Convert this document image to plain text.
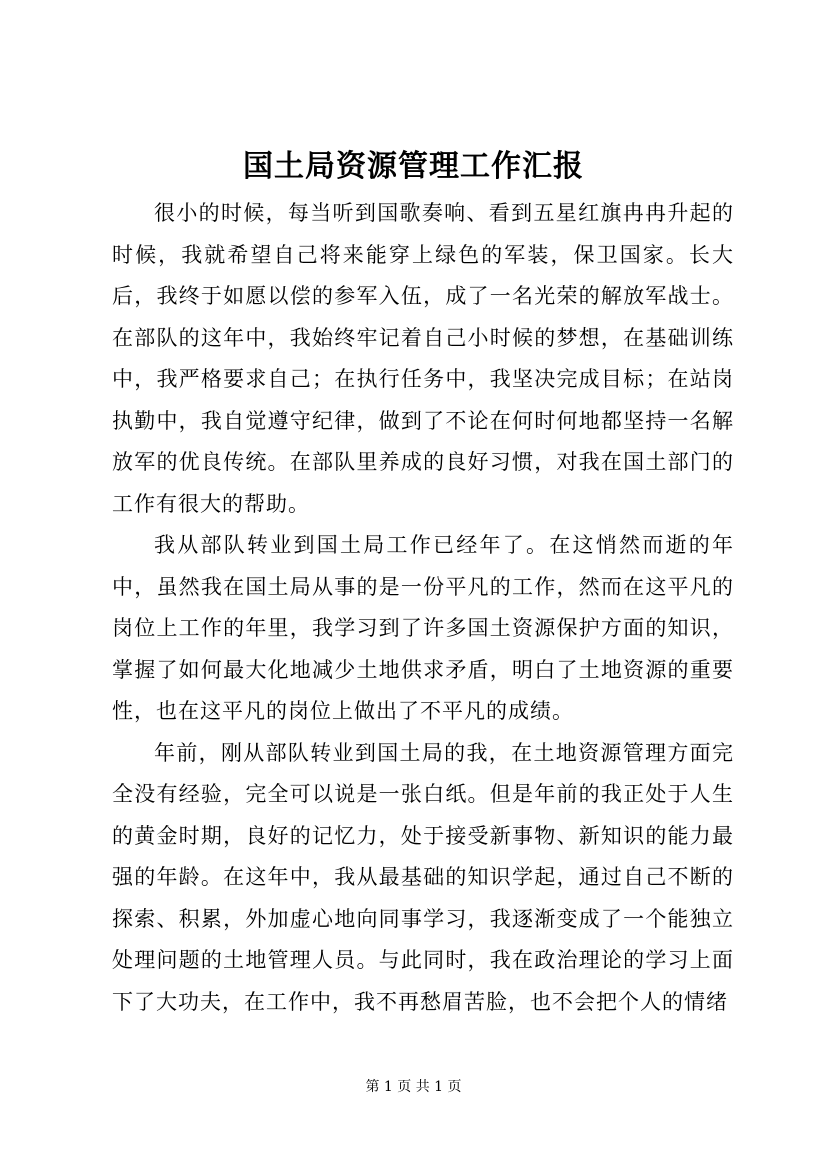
国土局资源管理工作汇报

很小的时候，每当听到国歌奏响、看到五星红旗冉冉升起的时候，我就希望自己将来能穿上绿色的军装，保卫国家。长大后，我终于如愿以偿的参军入伍，成了一名光荣的解放军战士。在部队的这年中，我始终牢记着自己小时候的梦想，在基础训练中，我严格要求自己；在执行任务中，我坚决完成目标；在站岗执勤中，我自觉遵守纪律，做到了不论在何时何地都坚持一名解放军的优良传统。在部队里养成的良好习惯，对我在国土部门的工作有很大的帮助。

我从部队转业到国土局工作已经年了。在这悄然而逝的年中，虽然我在国土局从事的是一份平凡的工作，然而在这平凡的岗位上工作的年里，我学习到了许多国土资源保护方面的知识，掌握了如何最大化地减少土地供求矛盾，明白了土地资源的重要性，也在这平凡的岗位上做出了不平凡的成绩。

年前，刚从部队转业到国土局的我，在土地资源管理方面完全没有经验，完全可以说是一张白纸。但是年前的我正处于人生的黄金时期，良好的记忆力，处于接受新事物、新知识的能力最强的年龄。在这年中，我从最基础的知识学起，通过自己不断的探索、积累，外加虚心地向同事学习，我逐渐变成了一个能独立处理问题的土地管理人员。与此同时，我在政治理论的学习上面下了大功夫，在工作中，我不再愁眉苦脸，也不会把个人的情绪

第 1 页 共 1 页
